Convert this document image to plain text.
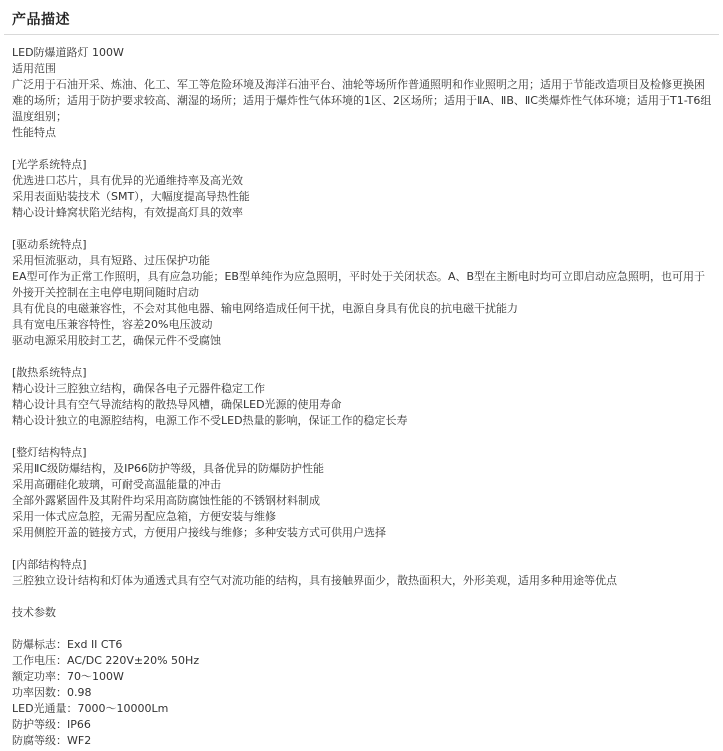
产品描述
LED防爆道路灯 100W
适用范围
广泛用于石油开采、炼油、化工、军工等危险环境及海洋石油平台、油轮等场所作普通照明和作业照明之用；适用于节能改造项目及检修更换困难的场所；适用于防护要求较高、潮湿的场所；适用于爆炸性气体环境的1区、2区场所；适用于ⅡA、ⅡB、ⅡC类爆炸性气体环境；适用于T1-T6组温度组别；
性能特点
[光学系统特点]
优选进口芯片，具有优异的光通维持率及高光效
采用表面贴装技术（SMT），大幅度提高导热性能
精心设计蜂窝状陷光结构，有效提高灯具的效率
[驱动系统特点]
采用恒流驱动，具有短路、过压保护功能
EA型可作为正常工作照明，具有应急功能；EB型单纯作为应急照明，平时处于关闭状态。A、B型在主断电时均可立即启动应急照明，也可用于外接开关控制在主电停电期间随时启动
具有优良的电磁兼容性，不会对其他电器、输电网络造成任何干扰，电源自身具有优良的抗电磁干扰能力
具有宽电压兼容特性，容差20%电压波动
驱动电源采用胶封工艺，确保元件不受腐蚀
[散热系统特点]
精心设计三腔独立结构，确保各电子元器件稳定工作
精心设计具有空气导流结构的散热导风槽，确保LED光源的使用寿命
精心设计独立的电源腔结构，电源工作不受LED热量的影响，保证工作的稳定长寿
[整灯结构特点]
采用ⅡC级防爆结构，及IP66防护等级，具备优异的防爆防护性能
采用高硼硅化玻璃，可耐受高温能量的冲击
全部外露紧固件及其附件均采用高防腐蚀性能的不锈钢材料制成
采用一体式应急腔，无需另配应急箱，方便安装与维修
采用侧腔开盖的链接方式，方便用户接线与维修；多种安装方式可供用户选择
[内部结构特点]
三腔独立设计结构和灯体为通透式具有空气对流功能的结构，具有接触界面少，散热面积大，外形美观，适用多种用途等优点
技术参数
防爆标志：Exd II CT6
工作电压：AC/DC 220V±20% 50Hz
额定功率：70～100W
功率因数：0.98
LED光通量：7000～10000Lm
防护等级：IP66
防腐等级：WF2
